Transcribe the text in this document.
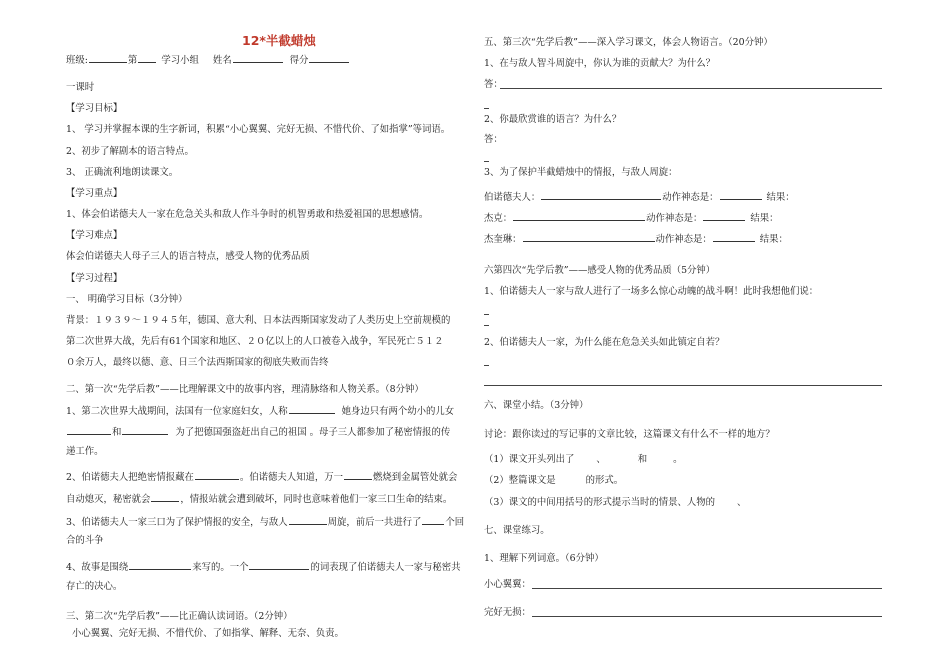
12*半截蜡烛
班级:	第	学习小组 姓名	得分
一课时
【学习目标】
1、 学习并掌握本课的生字新词，积累“小心翼翼、完好无损、不惜代价、了如指掌”等词语。
2、初步了解剧本的语言特点。
3、 正确流利地朗读课文。
【学习重点】
1、体会伯诺德夫人一家在危急关头和敌人作斗争时的机智勇敢和热爱祖国的思想感情。
【学习难点】
体会伯诺德夫人母子三人的语言特点，感受人物的优秀品质
【学习过程】
一、 明确学习目标（3分钟）
背景：１９３９～１９４５年，德国、意大利、日本法西斯国家发动了人类历史上空前规模的
第二次世界大战，先后有61个国家和地区、２０亿以上的人口被卷入战争，军民死亡５１２
０余万人，最终以德、意、日三个法西斯国家的彻底失败而告终
二、第一次“先学后教”——比理解课文中的故事内容，理清脉络和人物关系。（8分钟）
1、第二次世界大战期间，法国有一位家庭妇女，人称	她身边只有两个幼小的儿女
和	为了把德国强盗赶出自己的祖国 。母子三人都参加了秘密情报的传
递工作。
2、伯诺德夫人把绝密情报藏在	。伯诺德夫人知道，万一	燃烧到金属管处就会
自动熄灭，秘密就会	，情报站就会遭到破坏，同时也意味着他们一家三口生命的结束。
3、伯诺德夫人一家三口为了保护情报的安全，与敌人	周旋，前后一共进行了	个回
合的斗争
4、故事是围绕	来写的。一个	的词表现了伯诺德夫人一家与秘密共
存亡的决心。
三、第二次“先学后教”——比正确认读词语。（2分钟）
小心翼翼、完好无损、不惜代价、了如指掌、解释、无奈、负责。
五、第三次“先学后教”——深入学习课文，体会人物语言。（20分钟）
1、在与敌人智斗周旋中，你认为谁的贡献大？为什么？
答：
2、你最欣赏谁的语言？为什么？
答：
3、为了保护半截蜡烛中的情报，与敌人周旋：
伯诺德夫人：	动作神态是：	结果：
杰克：	动作神态是：	结果：
杰奎琳：	动作神态是：	结果：
六第四次“先学后教”——感受人物的优秀品质（5分钟）
1、伯诺德夫人一家与敌人进行了一场多么惊心动魄的战斗啊！此时我想他们说：
2、伯诺德夫人一家，为什么能在危急关头如此镇定自若？
六、课堂小结。（3分钟）
讨论：跟你读过的写记事的文章比较，这篇课文有什么不一样的地方？
（1）课文开头列出了 、	和	。
（2）整篇课文是	的形式。
（3）课文的中间用括号的形式提示当时的情景、人物的 、
七、课堂练习。
1、理解下列词意。（6分钟）
小心翼翼：
完好无损：
